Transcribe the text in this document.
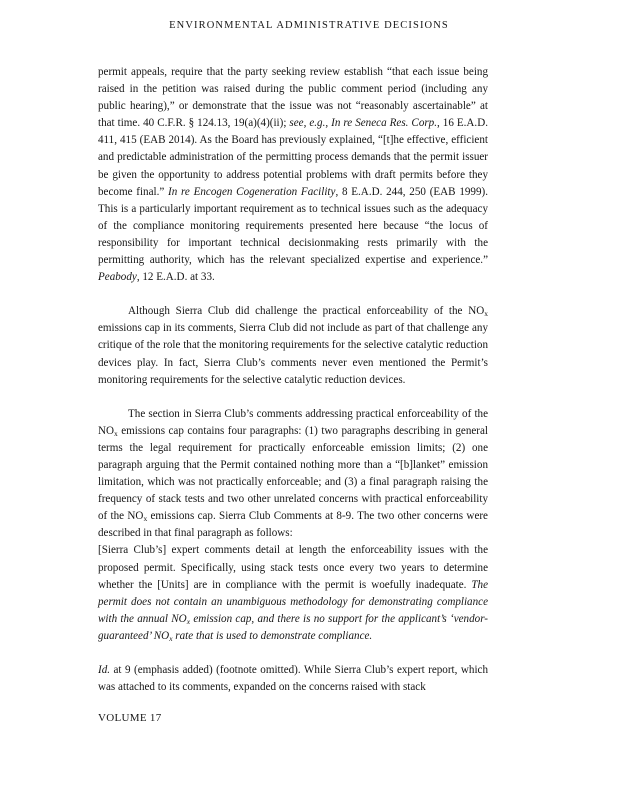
ENVIRONMENTAL ADMINISTRATIVE DECISIONS

permit appeals, require that the party seeking review establish “that each issue being raised in the petition was raised during the public comment period (including any public hearing),” or demonstrate that the issue was not “reasonably ascertainable” at that time. 40 C.F.R. § 124.13, 19(a)(4)(ii); see, e.g., In re Seneca Res. Corp., 16 E.A.D. 411, 415 (EAB 2014). As the Board has previously explained, “[t]he effective, efficient and predictable administration of the permitting process demands that the permit issuer be given the opportunity to address potential problems with draft permits before they become final.” In re Encogen Cogeneration Facility, 8 E.A.D. 244, 250 (EAB 1999). This is a particularly important requirement as to technical issues such as the adequacy of the compliance monitoring requirements presented here because “the locus of responsibility for important technical decisionmaking rests primarily with the permitting authority, which has the relevant specialized expertise and experience.” Peabody, 12 E.A.D. at 33.

Although Sierra Club did challenge the practical enforceability of the $NO_x$ emissions cap in its comments, Sierra Club did not include as part of that challenge any critique of the role that the monitoring requirements for the selective catalytic reduction devices play. In fact, Sierra Club’s comments never even mentioned the Permit’s monitoring requirements for the selective catalytic reduction devices.

The section in Sierra Club’s comments addressing practical enforceability of the $NO_x$ emissions cap contains four paragraphs: (1) two paragraphs describing in general terms the legal requirement for practically enforceable emission limits; (2) one paragraph arguing that the Permit contained nothing more than a “[b]lanket” emission limitation, which was not practically enforceable; and (3) a final paragraph raising the frequency of stack tests and two other unrelated concerns with practical enforceability of the $NO_x$ emissions cap. Sierra Club Comments at 8-9. The two other concerns were described in that final paragraph as follows:

[Sierra Club’s] expert comments detail at length the enforceability issues with the proposed permit. Specifically, using stack tests once every two years to determine whether the [Units] are in compliance with the permit is woefully inadequate. The permit does not contain an unambiguous methodology for demonstrating compliance with the annual $NO_x$ emission cap, and there is no support for the applicant’s ‘vendor-guaranteed’ $NO_x$ rate that is used to demonstrate compliance.

Id. at 9 (emphasis added) (footnote omitted). While Sierra Club’s expert report, which was attached to its comments, expanded on the concerns raised with stack

VOLUME 17
